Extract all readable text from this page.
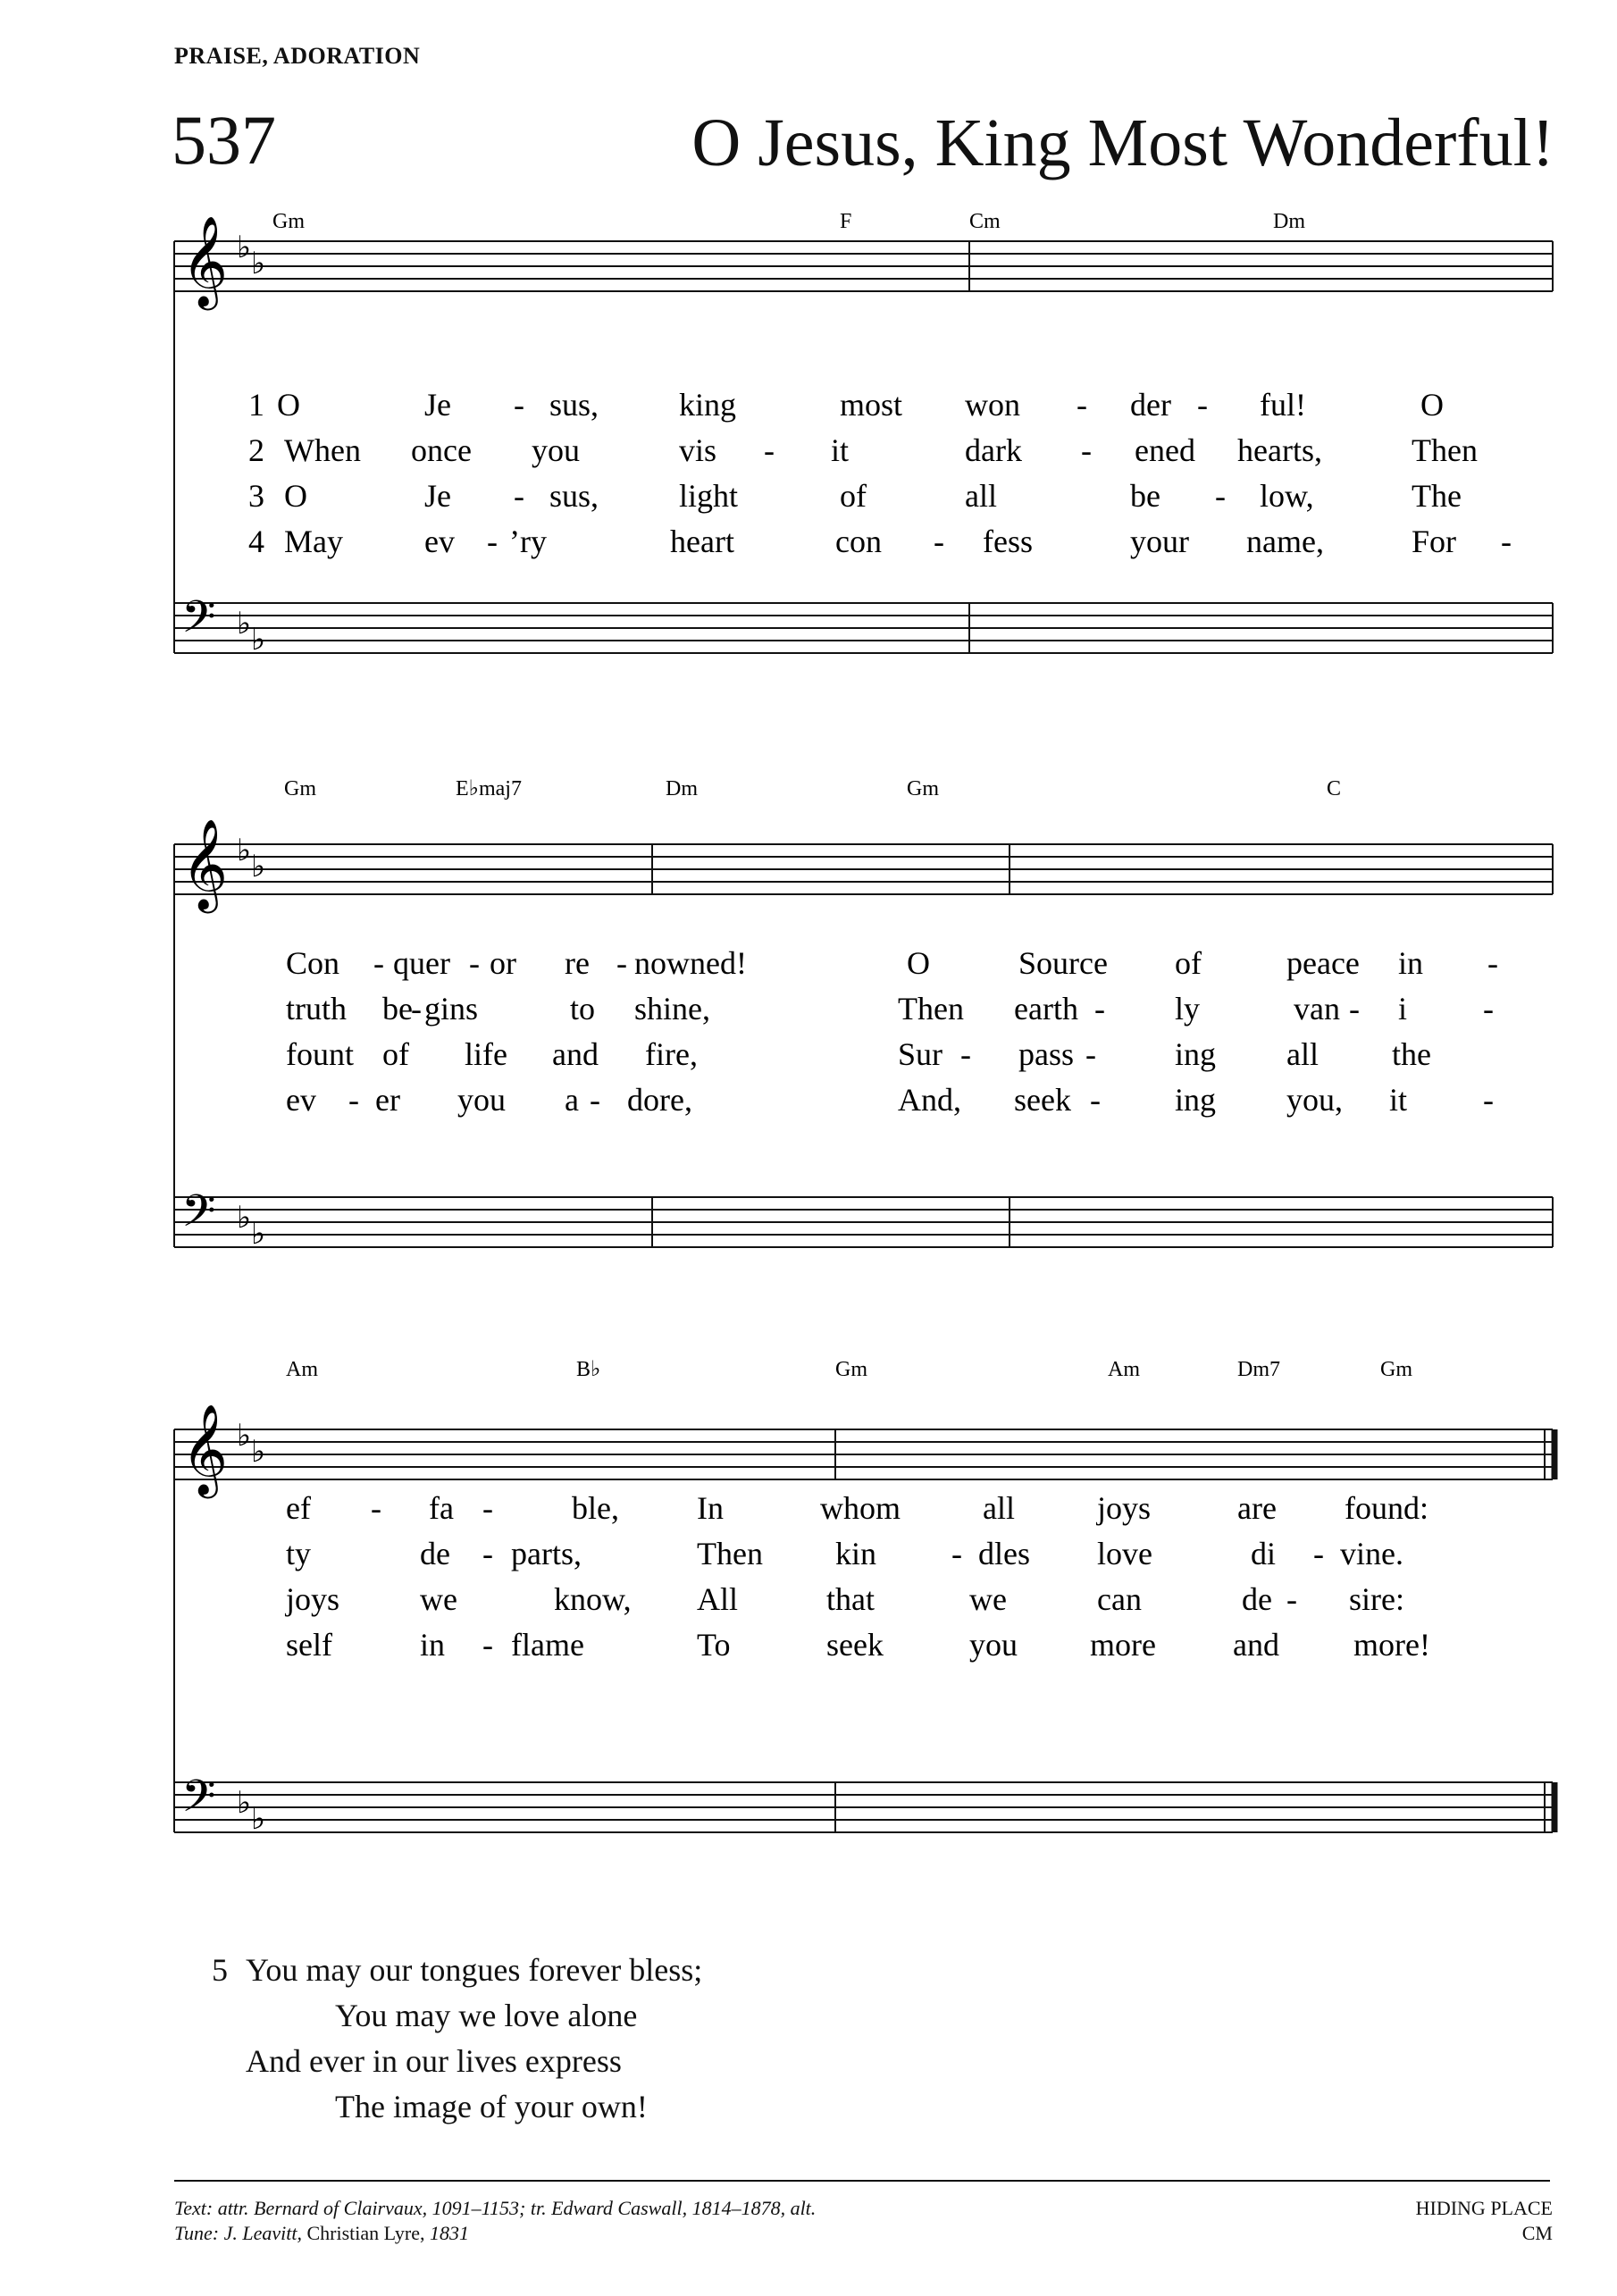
PRAISE, ADORATION
537	O Jesus, King Most Wonderful!
𝄞 ♭ ♭
𝄢 ♭ ♭
Gm	F	Cm	Dm
1 O	Je - sus, king	most won - der - ful!	O
2 When once you	vis - it	dark - ened hearts,	Then
3 O	Je - sus, light	of	all	be - low,	The
4 May	ev - ’ry	heart	con - fess	your name,	For -
𝄞 ♭ ♭
𝄢 ♭ ♭
Gm	E♭maj7	Dm	Gm	C
Con - quer - or re - nowned!	O	Source of	peace in -
truth be
- gins	to shine,	Then earth - ly	van - i -
fount of life and fire,	Sur - pass - ing all the
ev - er you a - dore,	And, seek - ing you, it -
𝄞 ♭ ♭
𝄢 ♭ ♭
Am	B♭	Gm	Am	Dm7	Gm
ef - fa - ble, In	whom	all	joys	are found:
ty	de - parts,	Then kin - dles love	di - vine.
joys we	know, All	that	we	can	de - sire:
self	in - flame	To	seek	you more and more!
5 You may our tongues forever bless;
You may we love alone
And ever in our lives express
The image of your own!
Text: attr. Bernard of Clairvaux, 1091–1153; tr. Edward Caswall, 1814–1878, alt.
Tune: J. Leavitt, Christian Lyre, 1831
HIDING PLACE
CM
